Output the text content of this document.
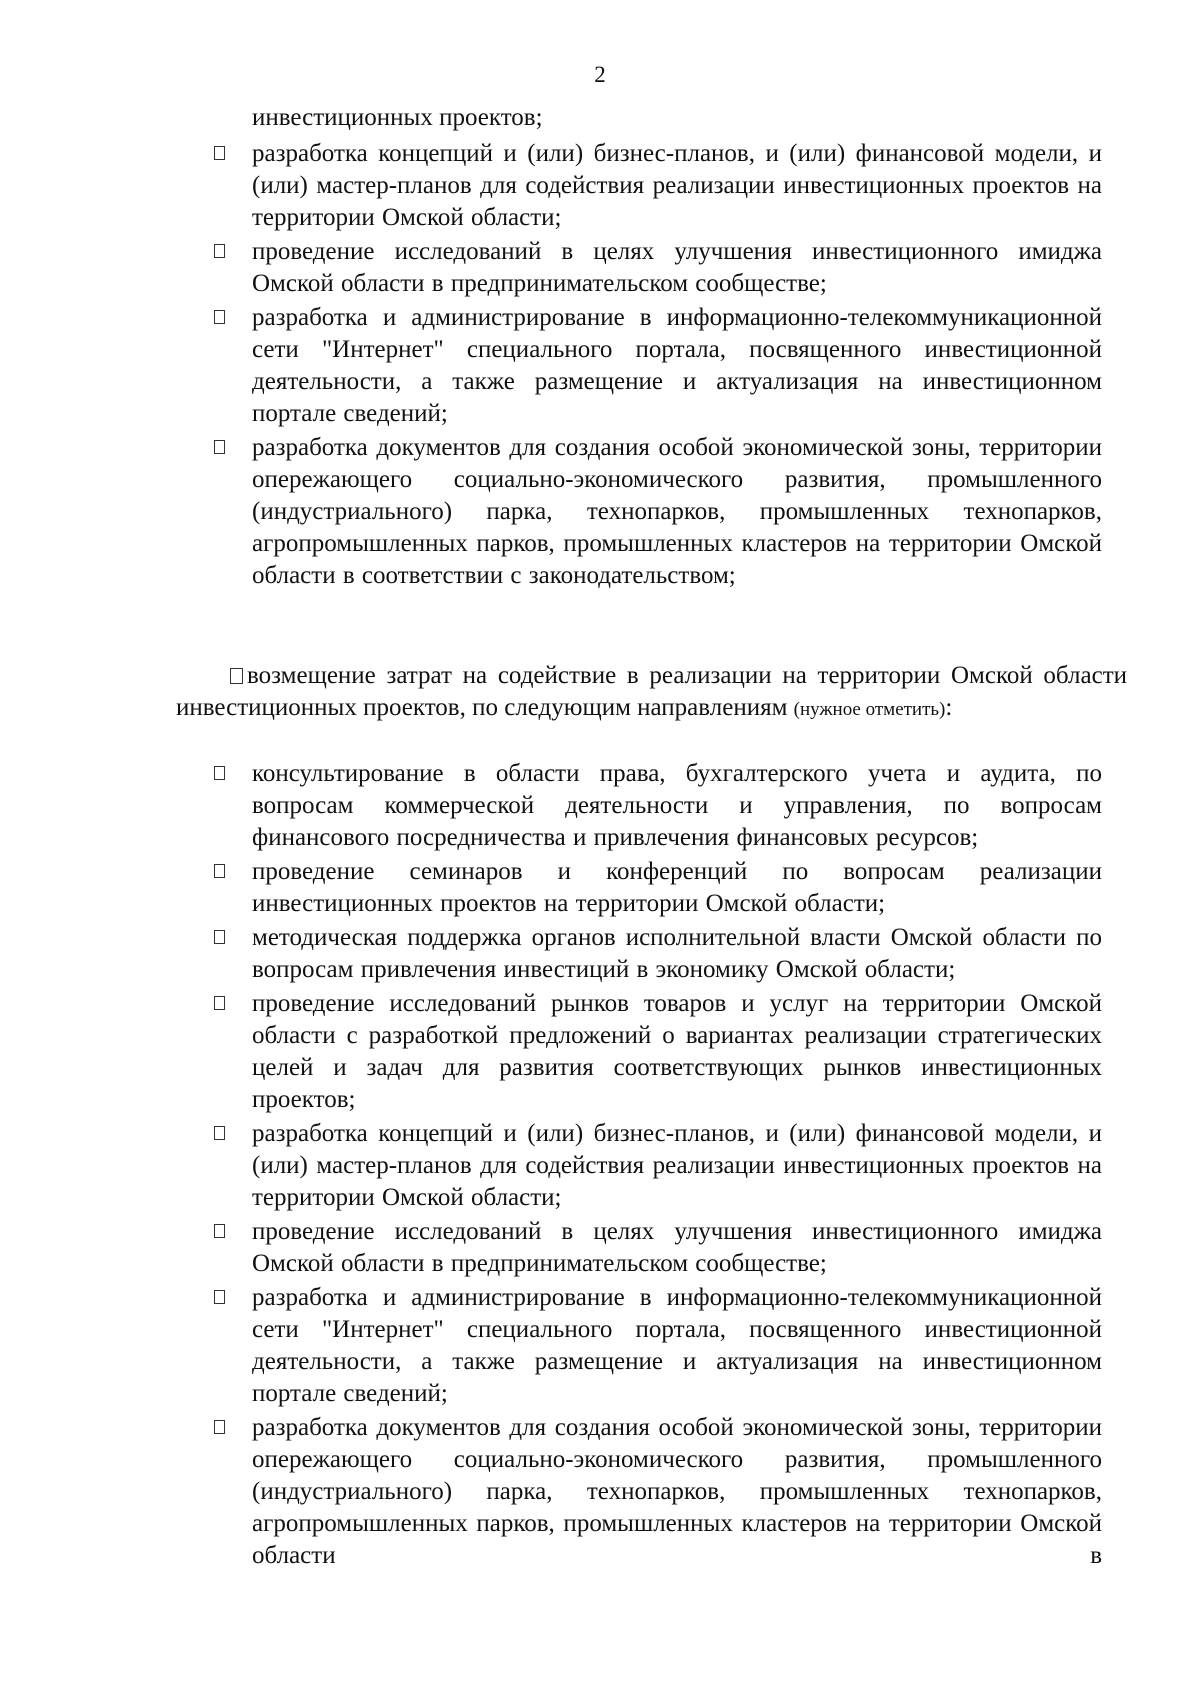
2
инвестиционных проектов;
разработка концепций и (или) бизнес-планов, и (или) финансовой модели, и (или) мастер-планов для содействия реализации инвестиционных проектов на территории Омской области;
проведение исследований в целях улучшения инвестиционного имиджа Омской области в предпринимательском сообществе;
разработка и администрирование в информационно-телекоммуникационной сети "Интернет" специального портала, посвященного инвестиционной деятельности, а также размещение и актуализация на инвестиционном портале сведений;
разработка документов для создания особой экономической зоны, территории опережающего социально-экономического развития, промышленного (индустриального) парка, технопарков, промышленных технопарков, агропромышленных парков, промышленных кластеров на территории Омской области в соответствии с законодательством;
возмещение затрат на содействие в реализации на территории Омской области инвестиционных проектов, по следующим направлениям (нужное отметить):
консультирование в области права, бухгалтерского учета и аудита, по вопросам коммерческой деятельности и управления, по вопросам финансового посредничества и привлечения финансовых ресурсов;
проведение семинаров и конференций по вопросам реализации инвестиционных проектов на территории Омской области;
методическая поддержка органов исполнительной власти Омской области по вопросам привлечения инвестиций в экономику Омской области;
проведение исследований рынков товаров и услуг на территории Омской области с разработкой предложений о вариантах реализации стратегических целей и задач для развития соответствующих рынков инвестиционных проектов;
разработка концепций и (или) бизнес-планов, и (или) финансовой модели, и (или) мастер-планов для содействия реализации инвестиционных проектов на территории Омской области;
проведение исследований в целях улучшения инвестиционного имиджа Омской области в предпринимательском сообществе;
разработка и администрирование в информационно-телекоммуникационной сети "Интернет" специального портала, посвященного инвестиционной деятельности, а также размещение и актуализация на инвестиционном портале сведений;
разработка документов для создания особой экономической зоны, территории опережающего социально-экономического развития, промышленного (индустриального) парка, технопарков, промышленных технопарков, агропромышленных парков, промышленных кластеров на территории Омской области в
